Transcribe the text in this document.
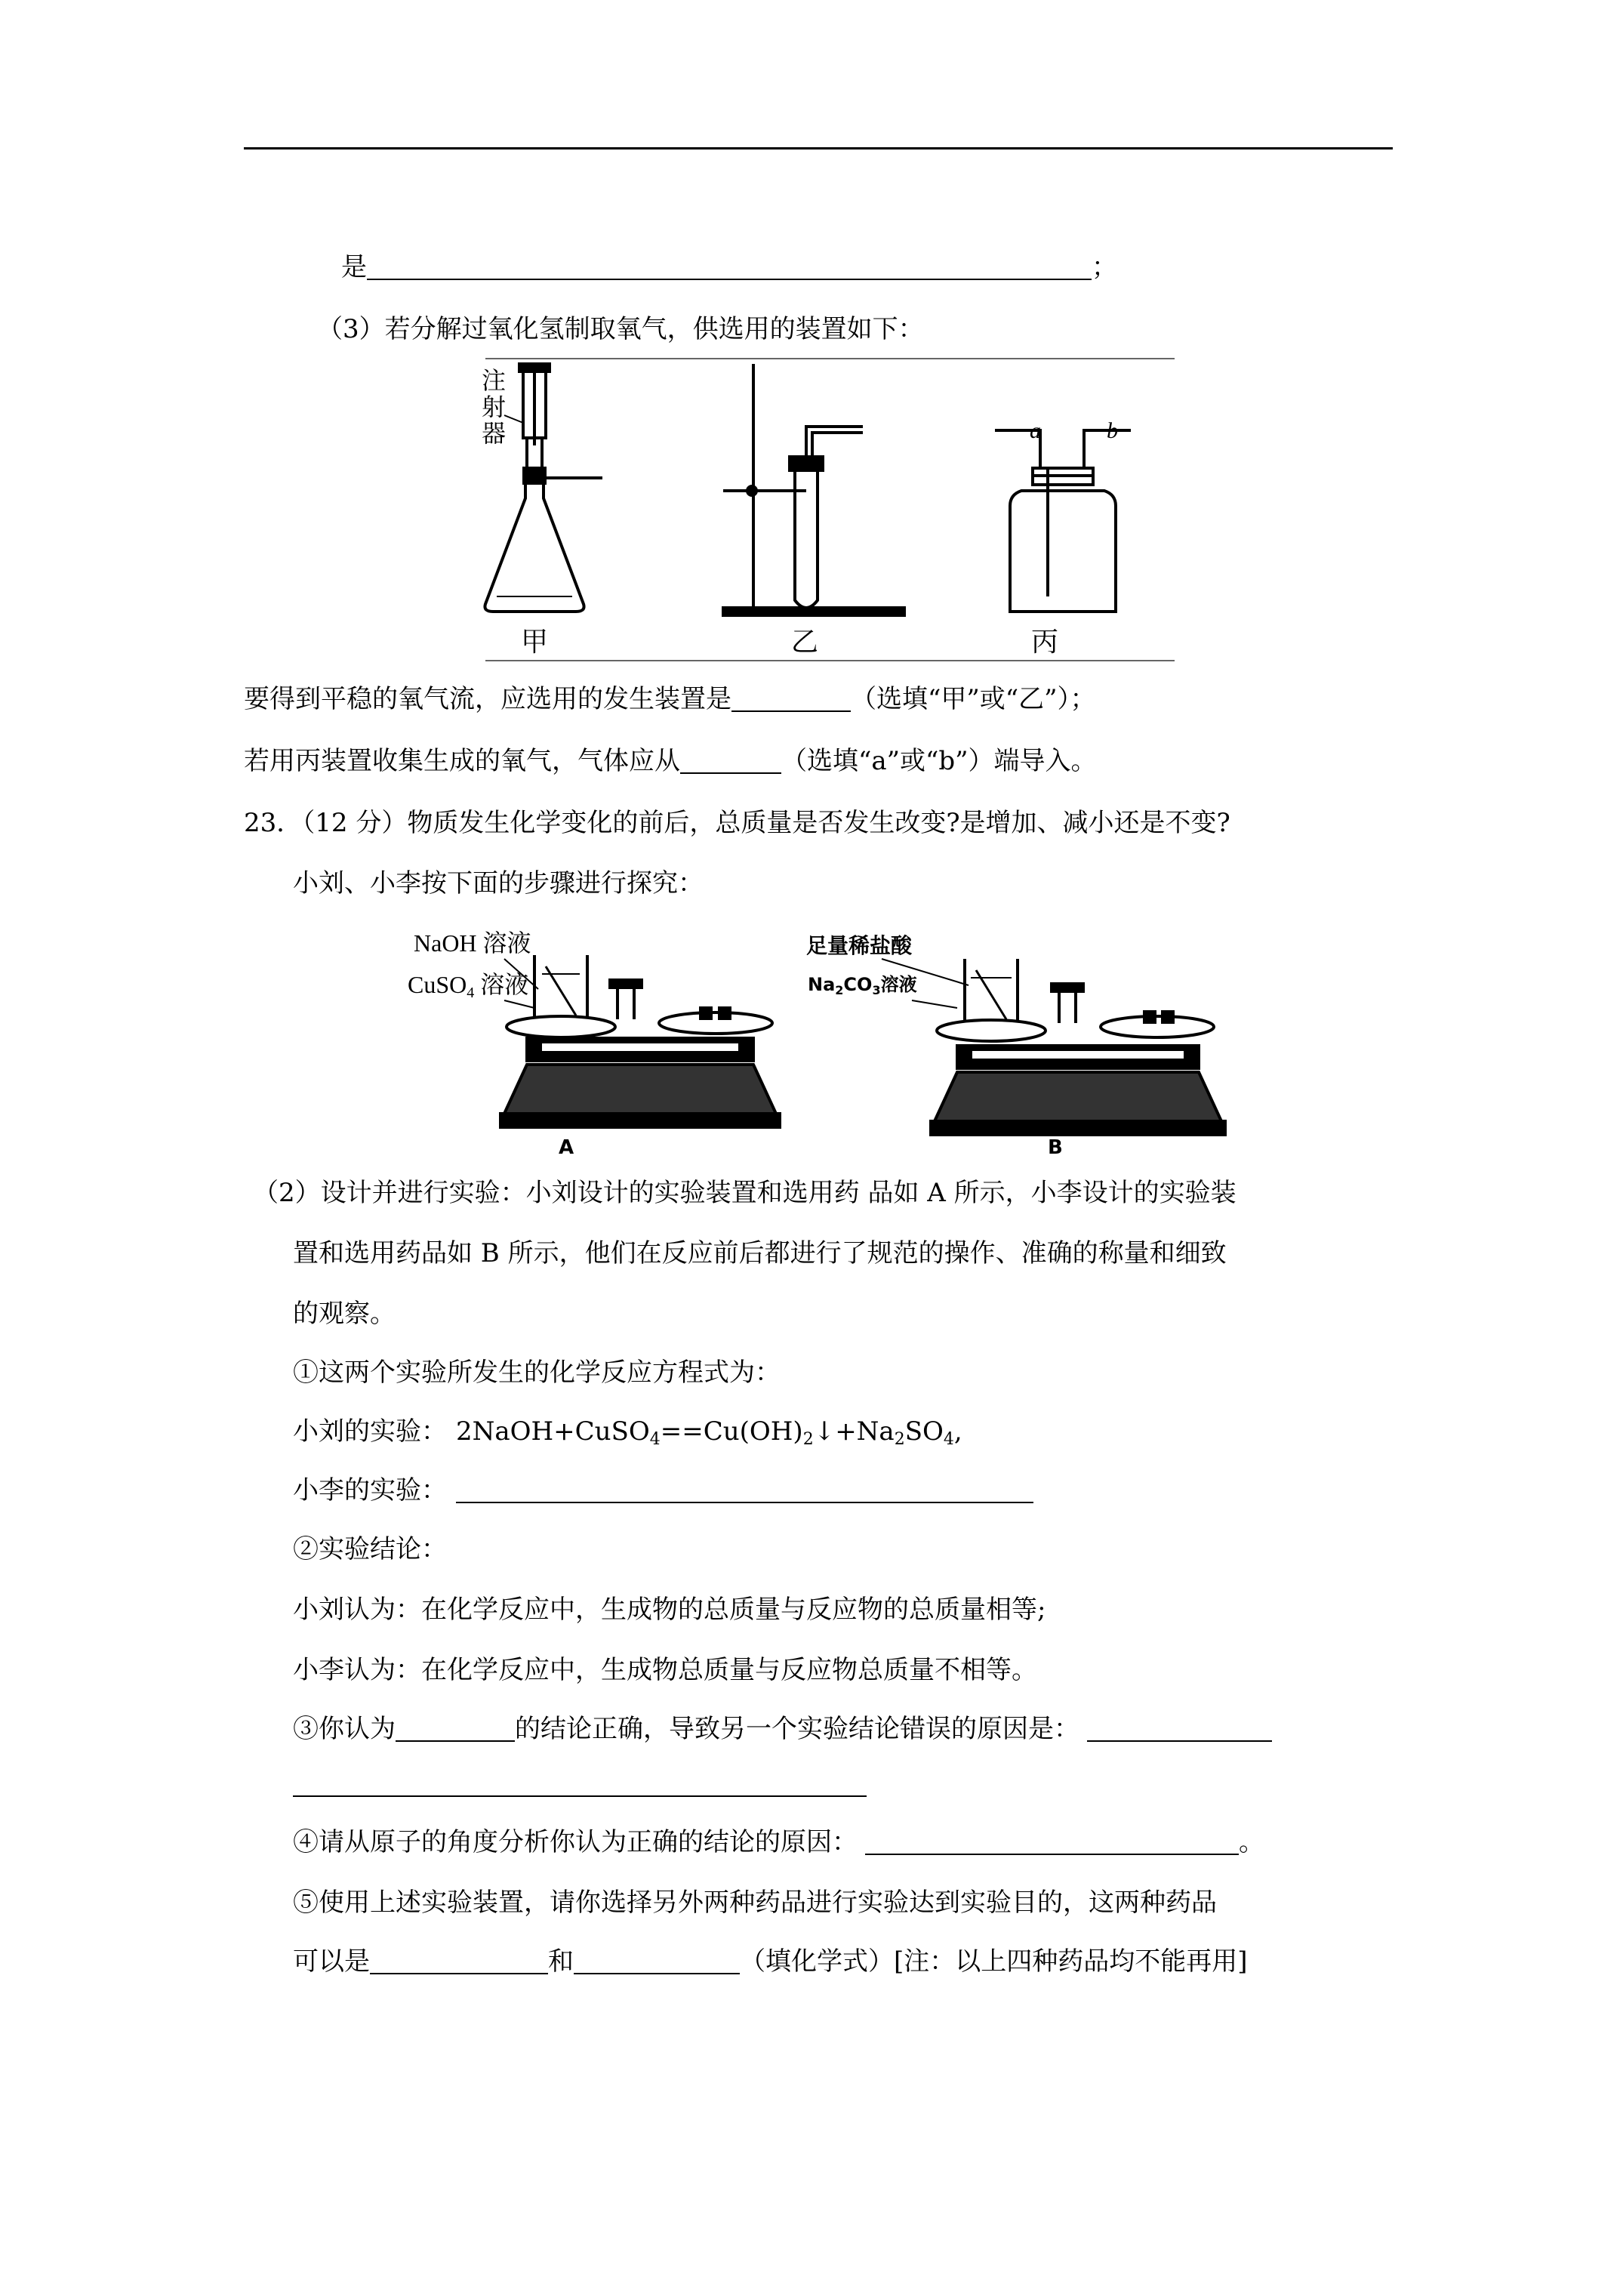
是	；
（3）若分解过氧化氢制取氧气，供选用的装置如下：
注
射
器
甲	乙	丙
a	b
要得到平稳的氧气流，应选用的发生装置是	（选填“甲”或“乙”）；
若用丙装置收集生成的氧气，气体应从	（选填“a”或“b”）端导入。
23．（12 分）物质发生化学变化的前后，总质量是否发生改变?是增加、减小还是不变?
小刘、小李按下面的步骤进行探究：
NaOH 溶液
CuSO4 溶液
A
足量稀盐酸
$Na_2CO_3$溶液
B
（2）设计并进行实验：小刘设计的实验装置和选用药 品如 A 所示，小李设计的实验装
置和选用药品如 B 所示，他们在反应前后都进行了规范的操作、准确的称量和细致
的观察。
①这两个实验所发生的化学反应方程式为：
小刘的实验： $2NaOH+CuSO_4==Cu(OH)_2↓+Na_2SO_4$,
小李的实验：
②实验结论：
小刘认为：在化学反应中，生成物的总质量与反应物的总质量相等;
小李认为：在化学反应中，生成物总质量与反应物总质量不相等。
③你认为	的结论正确，导致另一个实验结论错误的原因是：
④请从原子的角度分析你认为正确的结论的原因：	。
⑤使用上述实验装置，请你选择另外两种药品进行实验达到实验目的，这两种药品
可以是	和	（填化学式）[注：以上四种药品均不能再用]
